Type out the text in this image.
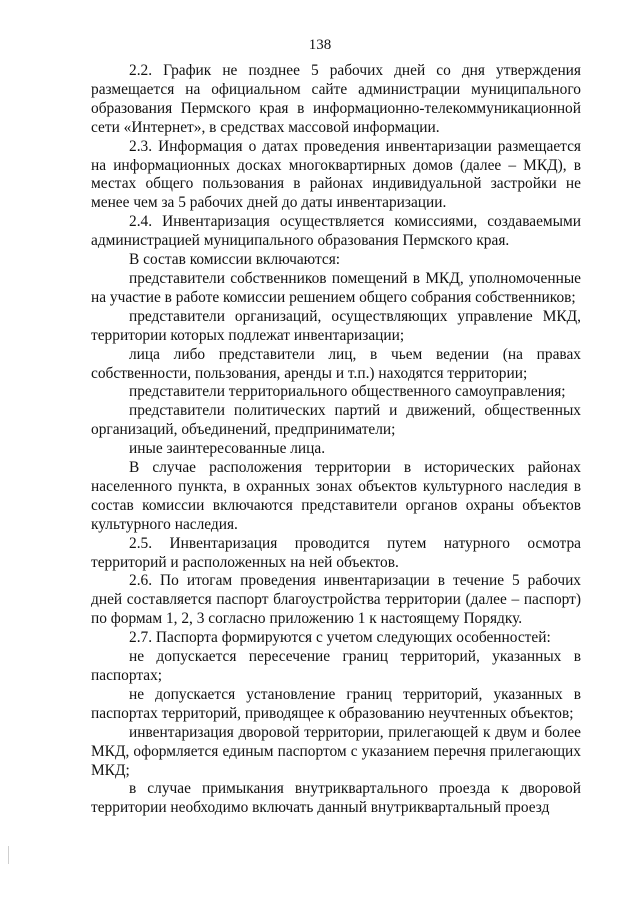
138

2.2. График не позднее 5 рабочих дней со дня утверждения размещается на официальном сайте администрации муниципального образования Пермского края в информационно-телекоммуникационной сети «Интернет», в средствах массовой информации.

2.3. Информация о датах проведения инвентаризации размещается на информационных досках многоквартирных домов (далее – МКД), в местах общего пользования в районах индивидуальной застройки не менее чем за 5 рабочих дней до даты инвентаризации.

2.4. Инвентаризация осуществляется комиссиями, создаваемыми администрацией муниципального образования Пермского края.

В состав комиссии включаются:

представители собственников помещений в МКД, уполномоченные на участие в работе комиссии решением общего собрания собственников;

представители организаций, осуществляющих управление МКД, территории которых подлежат инвентаризации;

лица либо представители лиц, в чьем ведении (на правах собственности, пользования, аренды и т.п.) находятся территории;

представители территориального общественного самоуправления;

представители политических партий и движений, общественных организаций, объединений, предприниматели;

иные заинтересованные лица.

В случае расположения территории в исторических районах населенного пункта, в охранных зонах объектов культурного наследия в состав комиссии включаются представители органов охраны объектов культурного наследия.

2.5. Инвентаризация проводится путем натурного осмотра территорий и расположенных на ней объектов.

2.6. По итогам проведения инвентаризации в течение 5 рабочих дней составляется паспорт благоустройства территории (далее – паспорт) по формам 1, 2, 3 согласно приложению 1 к настоящему Порядку.

2.7. Паспорта формируются с учетом следующих особенностей:

не допускается пересечение границ территорий, указанных в паспортах;

не допускается установление границ территорий, указанных в паспортах территорий, приводящее к образованию неучтенных объектов;

инвентаризация дворовой территории, прилегающей к двум и более МКД, оформляется единым паспортом с указанием перечня прилегающих МКД;

в случае примыкания внутриквартального проезда к дворовой территории необходимо включать данный внутриквартальный проезд
